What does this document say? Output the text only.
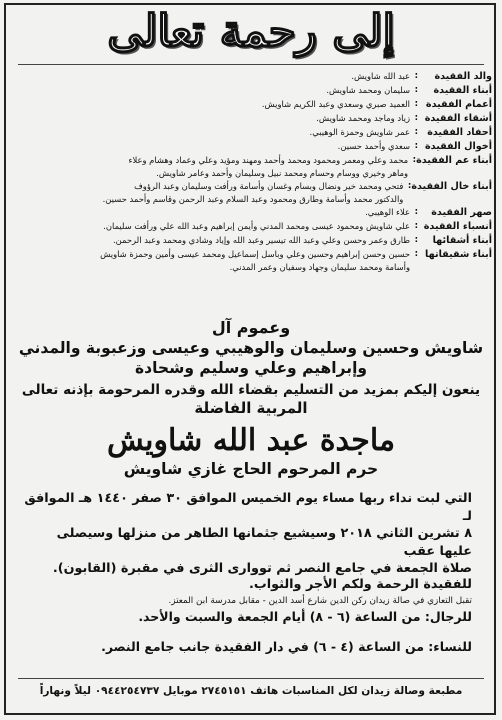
إلى رحمة تعالى
والد الفقيدة
:
عبد الله شاويش.
أبناء الفقيدة
:
سليمان ومحمد شاويش.
أعمام الفقيدة
:
العميد صبري وسعدي وعبد الكريم شاويش.
أشقاء الفقيدة
:
زياد وماجد ومحمد شاويش.
أحفاد الفقيدة
:
عمر شاويش وحمزة الوهيبي.
أخوال الفقيدة
:
سعدي وأحمد حسين.
أبناء عم الفقيدة
:
محمد وعلي ومعمر ومحمود ومحمد وأحمد ومهند ومؤيد وعلي وعماد وهشام وعلاء
وماهر وخيري ووسام وحسام ومحمد نبيل وسليمان وأحمد وعامر شاويش.
أبناء خال الفقيدة
:
فتحي ومحمد خير ونضال وبسام وغسان وأسامة ورأفت وسليمان وعبد الرؤوف
والدكتور محمد وأسامة وطارق ومحمود وعبد السلام وعبد الرحمن وقاسم وأحمد حسين.
صهر الفقيدة
:
علاء الوهيبي.
أنسباء الفقيدة
:
علي شاويش ومحمود عيسى ومحمد المدني وأيمن إبراهيم وعبد الله علي ورأفت سليمان.
أبناء أشقائها
:
طارق وعمر وحسن وعلي وعبد الله تيسير وعبد الله وإياد وشادي ومحمد وعبد الرحمن.
أبناء شقيقاتها
:
حسين وحسن إبراهيم وحسين وعلي وباسل إسماعيل ومحمد عيسى وأمين وحمزة شاويش
وأسامة ومحمد سليمان وجهاد وسفيان وعمر المدني.
وعموم آل
شاويش وحسين وسليمان والوهيبي وعيسى وزعبوبة والمدني
وإبراهيم وعلي وسليم وشحادة
ينعون إليكم بمزيد من التسليم بقضاء الله وقدره المرحومة بإذنه تعالى
المربية الفاضلة
ماجدة عبد الله شاويش
حرم المرحوم الحاج غازي شاويش
التي لبت نداء ربها مساء يوم الخميس الموافق ٣٠ صفر ١٤٤٠ هـ الموافق لـ
٨ تشرين الثاني ٢٠١٨ وسيشيع جثمانها الطاهر من منزلها وسيصلى عليها عقب
صلاة الجمعة في جامع النصر ثم تووارى الثرى في مقبرة (القابون).
للفقيدة الرحمة ولكم الأجر والثواب.
تقبل التعازي في صالة زيدان ركن الدين شارع أسد الدين - مقابل مدرسة ابن المعتز.
للرجال: من الساعة (٦ - ٨) أيام الجمعة والسبت والأحد.
للنساء: من الساعة (٤ - ٦) في دار الفقيدة جانب جامع النصر.
مطبعة وصالة زيدان لكل المناسبات هاتف ٢٧٤٥١٥١ موبايل ٠٩٤٤٢٥٤٧٣٧ ليلاً ونهاراً
